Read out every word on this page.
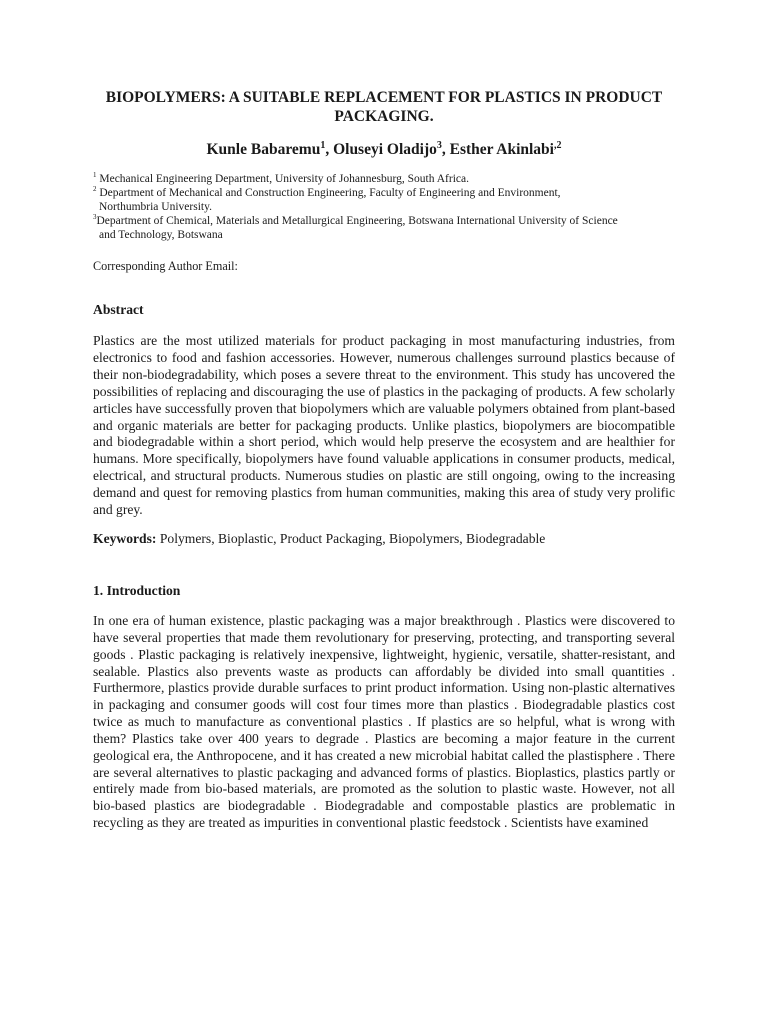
BIOPOLYMERS: A SUITABLE REPLACEMENT FOR PLASTICS IN PRODUCT PACKAGING.
Kunle Babaremu$^1$, Oluseyi Oladijo$^3$, Esther Akinlabi$^{,2}$
$^1$ Mechanical Engineering Department, University of Johannesburg, South Africa.
$^2$ Department of Mechanical and Construction Engineering, Faculty of Engineering and Environment,
Northumbria University.
$^3$Department of Chemical, Materials and Metallurgical Engineering, Botswana International University of Science
and Technology, Botswana
Corresponding Author Email:
Abstract

Plastics are the most utilized materials for product packaging in most manufacturing industries, from electronics to food and fashion accessories. However, numerous challenges surround plastics because of their non-biodegradability, which poses a severe threat to the environment. This study has uncovered the possibilities of replacing and discouraging the use of plastics in the packaging of products. A few scholarly articles have successfully proven that biopolymers which are valuable polymers obtained from plant-based and organic materials are better for packaging products. Unlike plastics, biopolymers are biocompatible and biodegradable within a short period, which would help preserve the ecosystem and are healthier for humans. More specifically, biopolymers have found valuable applications in consumer products, medical, electrical, and structural products. Numerous studies on plastic are still ongoing, owing to the increasing demand and quest for removing plastics from human communities, making this area of study very prolific and grey.

Keywords: Polymers, Bioplastic, Product Packaging, Biopolymers, Biodegradable

1. Introduction

In one era of human existence, plastic packaging was a major breakthrough . Plastics were discovered to have several properties that made them revolutionary for preserving, protecting, and transporting several goods . Plastic packaging is relatively inexpensive, lightweight, hygienic, versatile, shatter-resistant, and sealable. Plastics also prevents waste as products can affordably be divided into small quantities . Furthermore, plastics provide durable surfaces to print product information. Using non-plastic alternatives in packaging and consumer goods will cost four times more than plastics . Biodegradable plastics cost twice as much to manufacture as conventional plastics . If plastics are so helpful, what is wrong with them? Plastics take over 400 years to degrade . Plastics are becoming a major feature in the current geological era, the Anthropocene, and it has created a new microbial habitat called the plastisphere . There are several alternatives to plastic packaging and advanced forms of plastics. Bioplastics, plastics partly or entirely made from bio-based materials, are promoted as the solution to plastic waste. However, not all bio-based plastics are biodegradable . Biodegradable and compostable plastics are problematic in recycling as they are treated as impurities in conventional plastic feedstock . Scientists have examined
